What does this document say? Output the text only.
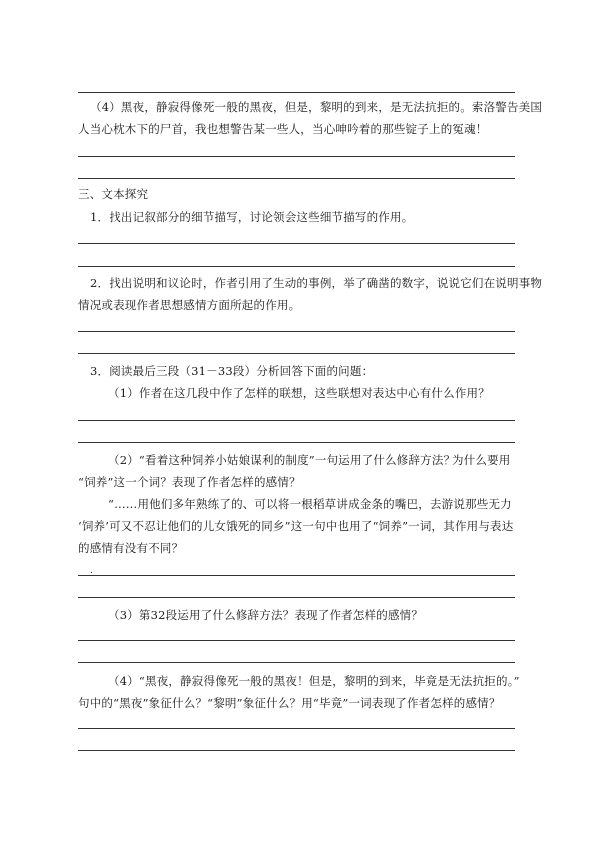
（4）黑夜，静寂得像死一般的黑夜，但是，黎明的到来，是无法抗拒的。索洛警告美国
人当心枕木下的尸首，我也想警告某一些人，当心呻吟着的那些锭子上的冤魂！
三、文本探究
1．找出记叙部分的细节描写，讨论领会这些细节描写的作用。
2．找出说明和议论时，作者引用了生动的事例，举了确凿的数字，说说它们在说明事物
情况或表现作者思想感情方面所起的作用。
3．阅读最后三段（31－33段）分析回答下面的问题：
（1）作者在这几段中作了怎样的联想，这些联想对表达中心有什么作用？
（2）“看着这种饲养小姑娘谋利的制度”一句运用了什么修辞方法？
为什么要用
“饲养”这一个词？表现了作者怎样的感情？
“……用他们多年熟练了的、可以将一根稻草讲成金条的嘴巴，去游说那些无力
‘饲养’可又不忍让他们的儿女饿死的同乡”这一句中也用了“饲养”一词，其作用与表达
的感情有没有不同？
.
（3）第32段运用了什么修辞方法？表现了作者怎样的感情？
（4）“黑夜，静寂得像死一般的黑夜！但是，黎明的到来，毕竟是无法抗拒的。”
句中的“黑夜”象征什么？“黎明”象征什么？用“毕竟”一词表现了作者怎样的感情？
